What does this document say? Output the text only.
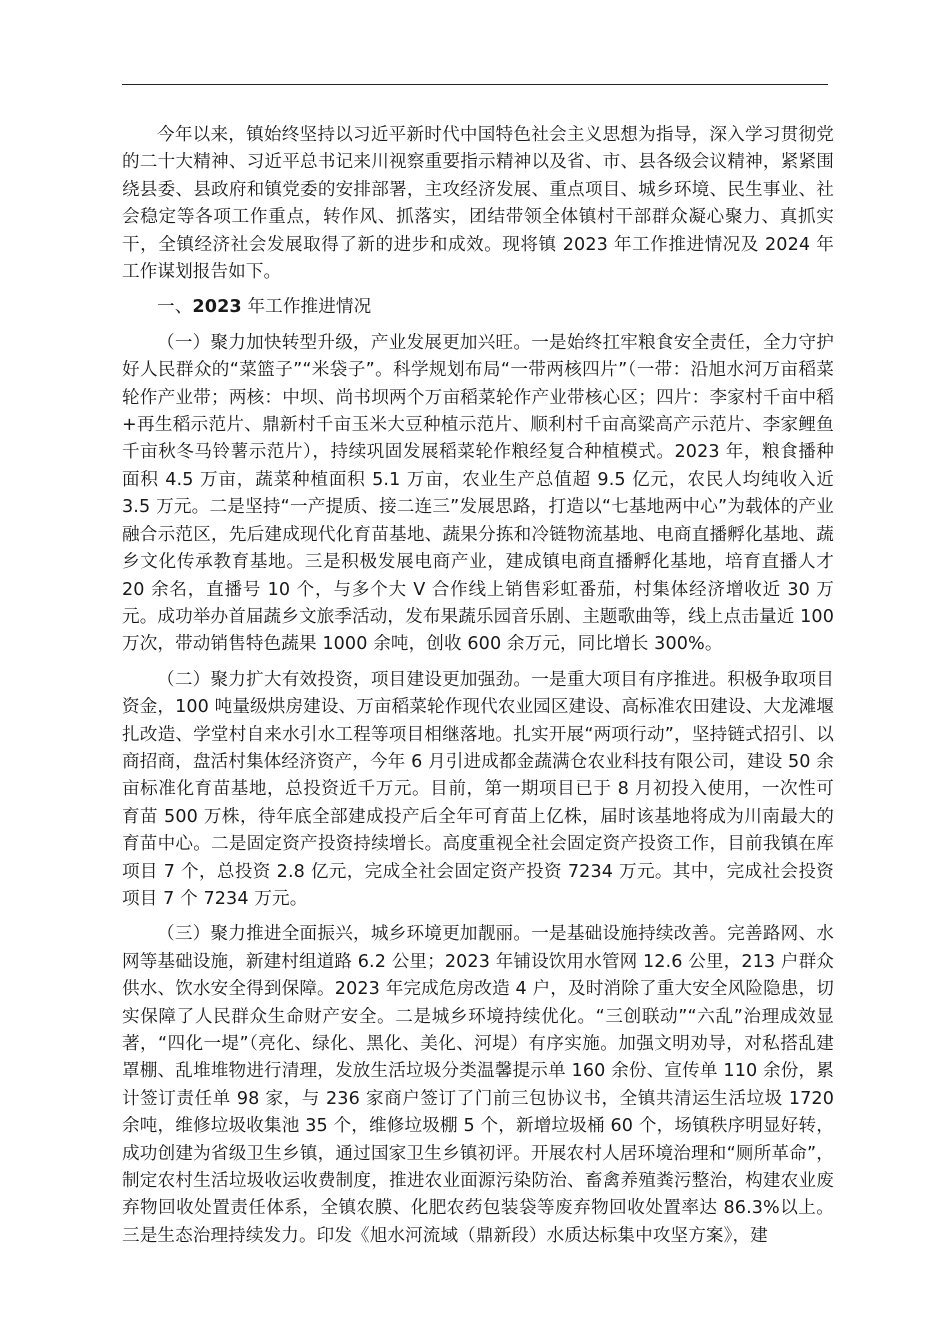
今年以来，镇始终坚持以习近平新时代中国特色社会主义思想为指导，深入学习贯彻党的二十大精神、习近平总书记来川视察重要指示精神以及省、市、县各级会议精神，紧紧围绕县委、县政府和镇党委的安排部署，主攻经济发展、重点项目、城乡环境、民生事业、社会稳定等各项工作重点，转作风、抓落实，团结带领全体镇村干部群众凝心聚力、真抓实干，全镇经济社会发展取得了新的进步和成效。现将镇 2023 年工作推进情况及 2024 年工作谋划报告如下。

一、2023 年工作推进情况

（一）聚力加快转型升级，产业发展更加兴旺。一是始终扛牢粮食安全责任，全力守护好人民群众的“菜篮子”“米袋子”。科学规划布局“一带两核四片”（一带：沿旭水河万亩稻菜轮作产业带；两核：中坝、尚书坝两个万亩稻菜轮作产业带核心区；四片：李家村千亩中稻+再生稻示范片、鼎新村千亩玉米大豆种植示范片、顺利村千亩高粱高产示范片、李家鲤鱼千亩秋冬马铃薯示范片），持续巩固发展稻菜轮作粮经复合种植模式。2023 年，粮食播种面积 4.5 万亩，蔬菜种植面积 5.1 万亩，农业生产总值超 9.5 亿元，农民人均纯收入近 3.5 万元。二是坚持“一产提质、接二连三”发展思路，打造以“七基地两中心”为载体的产业融合示范区，先后建成现代化育苗基地、蔬果分拣和冷链物流基地、电商直播孵化基地、蔬乡文化传承教育基地。三是积极发展电商产业，建成镇电商直播孵化基地，培育直播人才 20 余名，直播号 10 个，与多个大 V 合作线上销售彩虹番茄，村集体经济增收近 30 万元。成功举办首届蔬乡文旅季活动，发布果蔬乐园音乐剧、主题歌曲等，线上点击量近 100 万次，带动销售特色蔬果 1000 余吨，创收 600 余万元，同比增长 300%。

（二）聚力扩大有效投资，项目建设更加强劲。一是重大项目有序推进。积极争取项目资金，100 吨量级烘房建设、万亩稻菜轮作现代农业园区建设、高标准农田建设、大龙滩堰扎改造、学堂村自来水引水工程等项目相继落地。扎实开展“两项行动”，坚持链式招引、以商招商，盘活村集体经济资产，今年 6 月引进成都金蔬满仓农业科技有限公司，建设 50 余亩标准化育苗基地，总投资近千万元。目前，第一期项目已于 8 月初投入使用，一次性可育苗 500 万株，待年底全部建成投产后全年可育苗上亿株，届时该基地将成为川南最大的育苗中心。二是固定资产投资持续增长。高度重视全社会固定资产投资工作，目前我镇在库项目 7 个，总投资 2.8 亿元，完成全社会固定资产投资 7234 万元。其中，完成社会投资项目 7 个 7234 万元。

（三）聚力推进全面振兴，城乡环境更加靓丽。一是基础设施持续改善。完善路网、水网等基础设施，新建村组道路 6.2 公里；2023 年铺设饮用水管网 12.6 公里，213 户群众供水、饮水安全得到保障。2023 年完成危房改造 4 户，及时消除了重大安全风险隐患，切实保障了人民群众生命财产安全。二是城乡环境持续优化。“三创联动”“六乱”治理成效显著，“四化一堤”（亮化、绿化、黑化、美化、河堤）有序实施。加强文明劝导，对私搭乱建罩棚、乱堆堆物进行清理，发放生活垃圾分类温馨提示单 160 余份、宣传单 110 余份，累计签订责任单 98 家，与 236 家商户签订了门前三包协议书，全镇共清运生活垃圾 1720 余吨，维修垃圾收集池 35 个，维修垃圾棚 5 个，新增垃圾桶 60 个，场镇秩序明显好转，成功创建为省级卫生乡镇，通过国家卫生乡镇初评。开展农村人居环境治理和“厕所革命”，制定农村生活垃圾收运收费制度，推进农业面源污染防治、畜禽养殖粪污整治，构建农业废弃物回收处置责任体系，全镇农膜、化肥农药包装袋等废弃物回收处置率达 86.3%以上。三是生态治理持续发力。印发《旭水河流域（鼎新段）水质达标集中攻坚方案》，建
